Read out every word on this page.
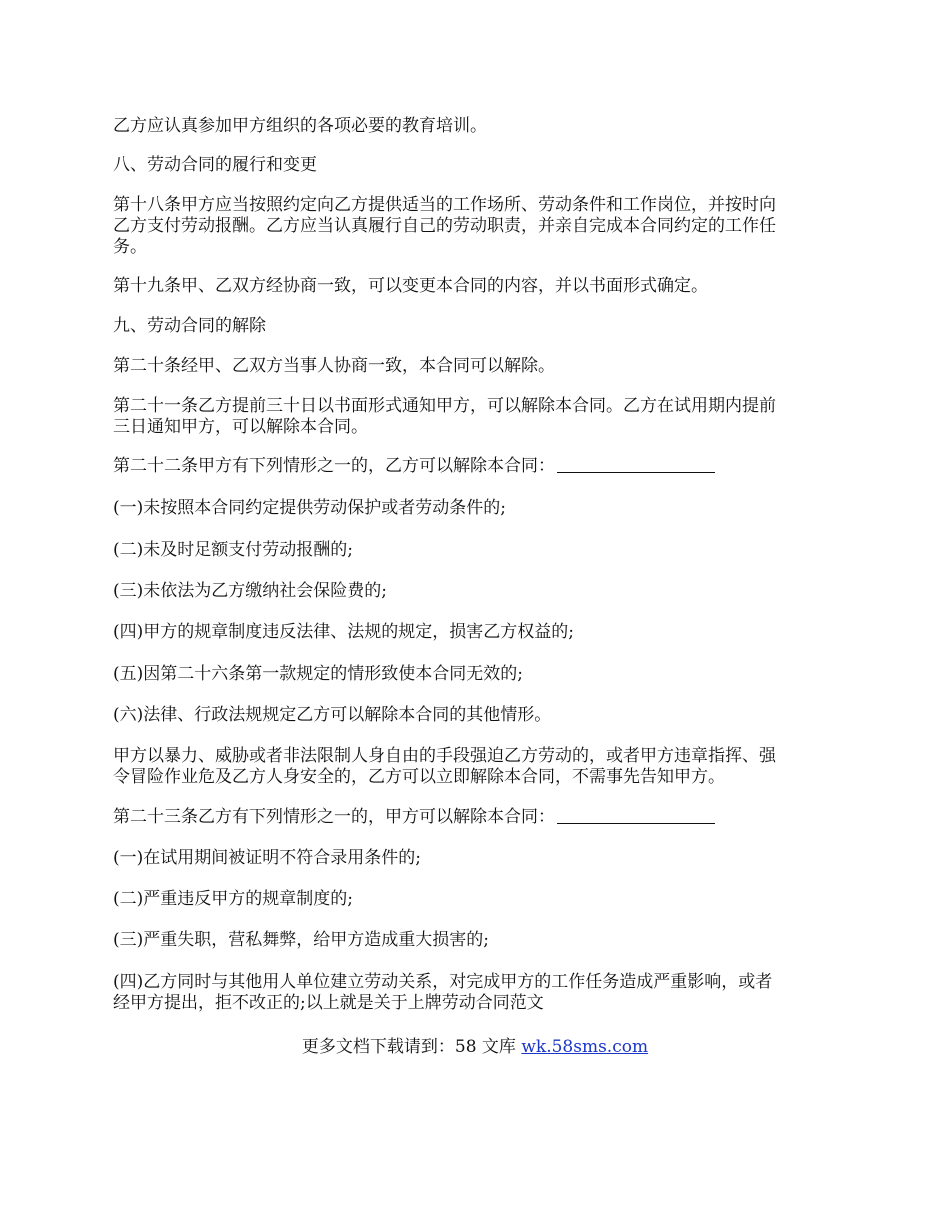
乙方应认真参加甲方组织的各项必要的教育培训。
八、劳动合同的履行和变更
第十八条甲方应当按照约定向乙方提供适当的工作场所、劳动条件和工作岗位，并按时向
乙方支付劳动报酬。乙方应当认真履行自己的劳动职责，并亲自完成本合同约定的工作任
务。
第十九条甲、乙双方经协商一致，可以变更本合同的内容，并以书面形式确定。
九、劳动合同的解除
第二十条经甲、乙双方当事人协商一致，本合同可以解除。
第二十一条乙方提前三十日以书面形式通知甲方，可以解除本合同。乙方在试用期内提前
三日通知甲方，可以解除本合同。
第二十二条甲方有下列情形之一的，乙方可以解除本合同：
(一)未按照本合同约定提供劳动保护或者劳动条件的;
(二)未及时足额支付劳动报酬的;
(三)未依法为乙方缴纳社会保险费的;
(四)甲方的规章制度违反法律、法规的规定，损害乙方权益的;
(五)因第二十六条第一款规定的情形致使本合同无效的;
(六)法律、行政法规规定乙方可以解除本合同的其他情形。
甲方以暴力、威胁或者非法限制人身自由的手段强迫乙方劳动的，或者甲方违章指挥、强
令冒险作业危及乙方人身安全的，乙方可以立即解除本合同，不需事先告知甲方。
第二十三条乙方有下列情形之一的，甲方可以解除本合同：
(一)在试用期间被证明不符合录用条件的;
(二)严重违反甲方的规章制度的;
(三)严重失职，营私舞弊，给甲方造成重大损害的;
(四)乙方同时与其他用人单位建立劳动关系，对完成甲方的工作任务造成严重影响，或者
经甲方提出，拒不改正的;以上就是关于上牌劳动合同范文
更多文档下载请到：58 文库 wk.58sms.com
